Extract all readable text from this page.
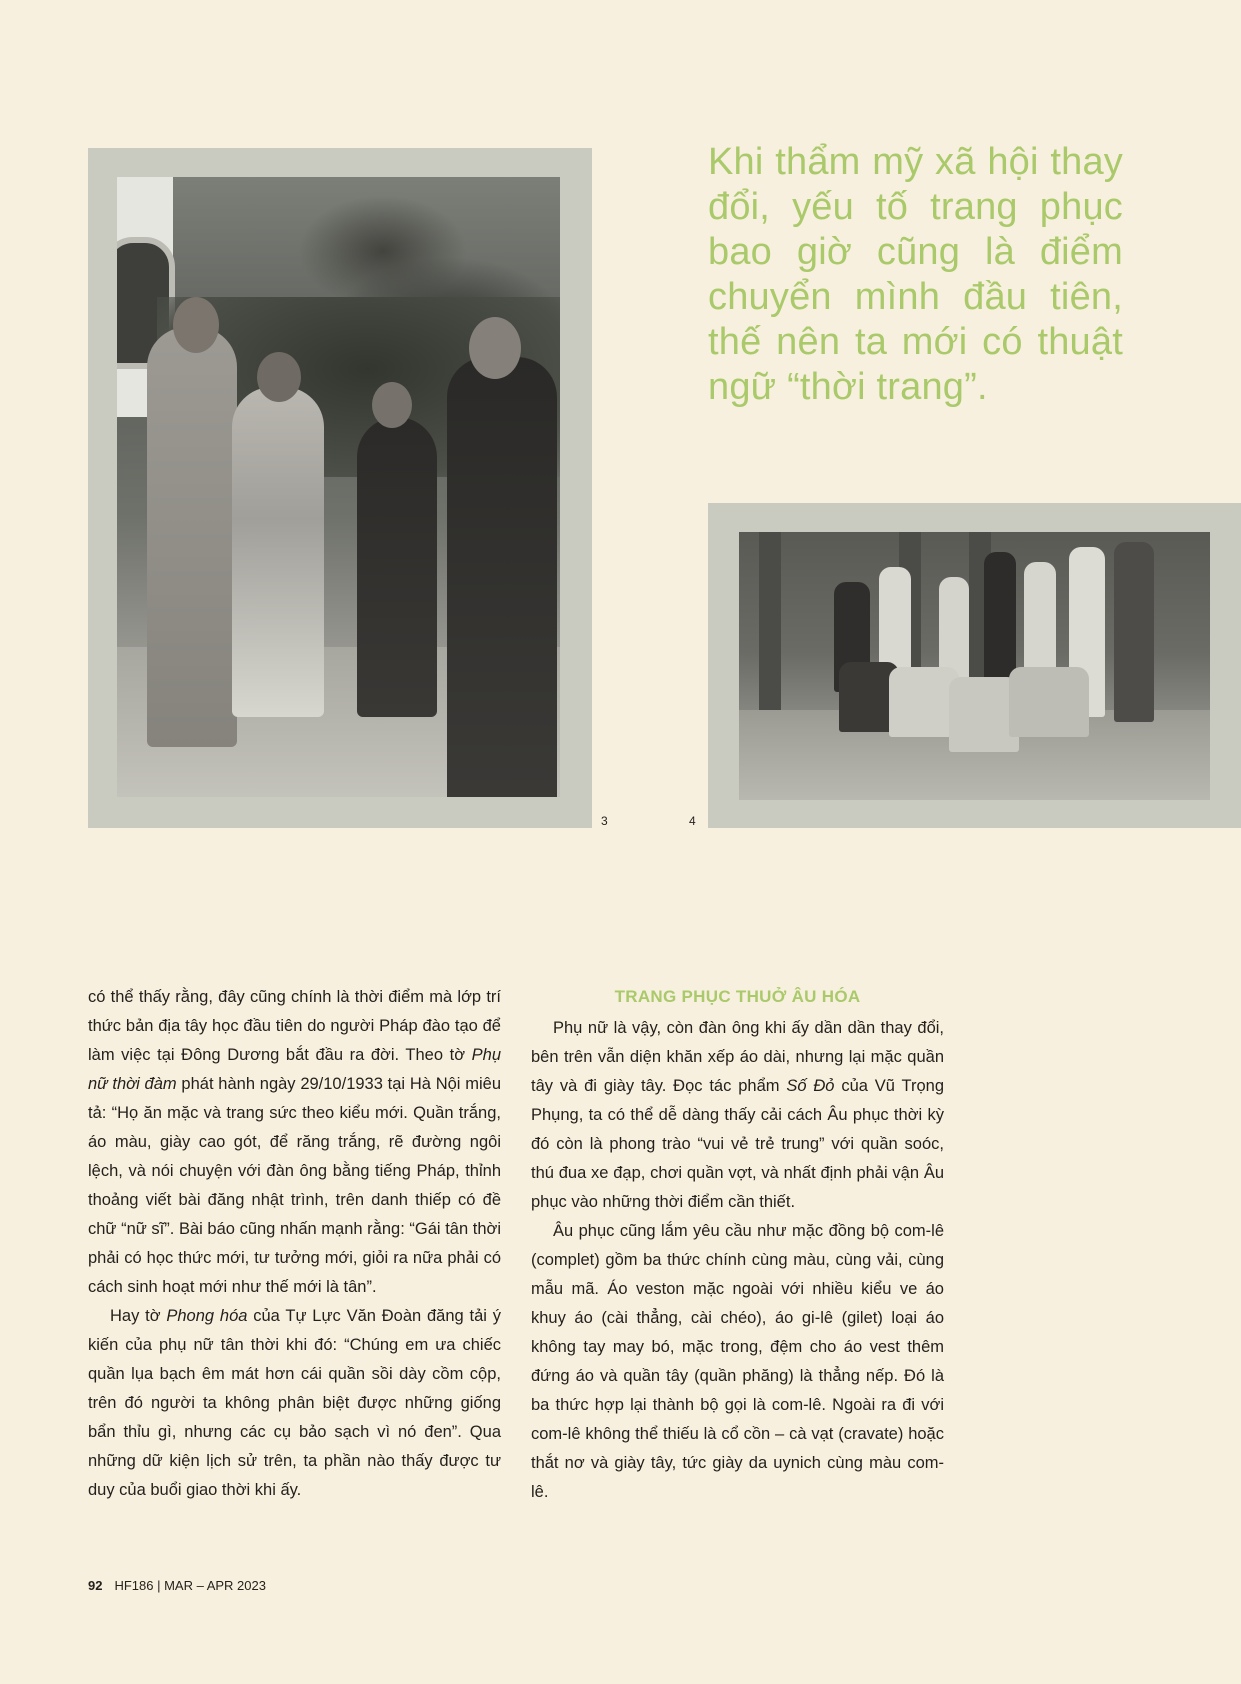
Khi thẩm mỹ xã hội thay đổi, yếu tố trang phục bao giờ cũng là điểm chuyển mình đầu tiên, thế nên ta mới có thuật ngữ “thời trang”.
3	4

có thể thấy rằng, đây cũng chính là thời điểm mà lớp trí thức bản địa tây học đầu tiên do người Pháp đào tạo để làm việc tại Đông Dương bắt đầu ra đời. Theo tờ Phụ nữ thời đàm phát hành ngày 29/10/1933 tại Hà Nội miêu tả: “Họ ăn mặc và trang sức theo kiểu mới. Quần trắng, áo màu, giày cao gót, để răng trắng, rẽ đường ngôi lệch, và nói chuyện với đàn ông bằng tiếng Pháp, thỉnh thoảng viết bài đăng nhật trình, trên danh thiếp có đề chữ “nữ sĩ”. Bài báo cũng nhấn mạnh rằng: “Gái tân thời phải có học thức mới, tư tưởng mới, giỏi ra nữa phải có cách sinh hoạt mới như thế mới là tân”.

Hay tờ Phong hóa của Tự Lực Văn Đoàn đăng tải ý kiến của phụ nữ tân thời khi đó: “Chúng em ưa chiếc quần lụa bạch êm mát hơn cái quần sồi dày cồm cộp, trên đó người ta không phân biệt được những giống bẩn thỉu gì, nhưng các cụ bảo sạch vì nó đen”. Qua những dữ kiện lịch sử trên, ta phần nào thấy được tư duy của buổi giao thời khi ấy.

TRANG PHỤC THUỞ ÂU HÓA

Phụ nữ là vậy, còn đàn ông khi ấy dần dần thay đổi, bên trên vẫn diện khăn xếp áo dài, nhưng lại mặc quần tây và đi giày tây. Đọc tác phẩm Số Đỏ của Vũ Trọng Phụng, ta có thể dễ dàng thấy cải cách Âu phục thời kỳ đó còn là phong trào “vui vẻ trẻ trung” với quần soóc, thú đua xe đạp, chơi quần vợt, và nhất định phải vận Âu phục vào những thời điểm cần thiết.

Âu phục cũng lắm yêu cầu như mặc đồng bộ com-lê (complet) gồm ba thức chính cùng màu, cùng vải, cùng mẫu mã. Áo veston mặc ngoài với nhiều kiểu ve áo khuy áo (cài thẳng, cài chéo), áo gi-lê (gilet) loại áo không tay may bó, mặc trong, đệm cho áo vest thêm đứng áo và quần tây (quần phăng) là thẳng nếp. Đó là ba thức hợp lại thành bộ gọi là com-lê. Ngoài ra đi với com-lê không thể thiếu là cổ cồn – cà vạt (cravate) hoặc thắt nơ và giày tây, tức giày da uynich cùng màu com-lê.

92 HF186 | MAR – APR 2023
